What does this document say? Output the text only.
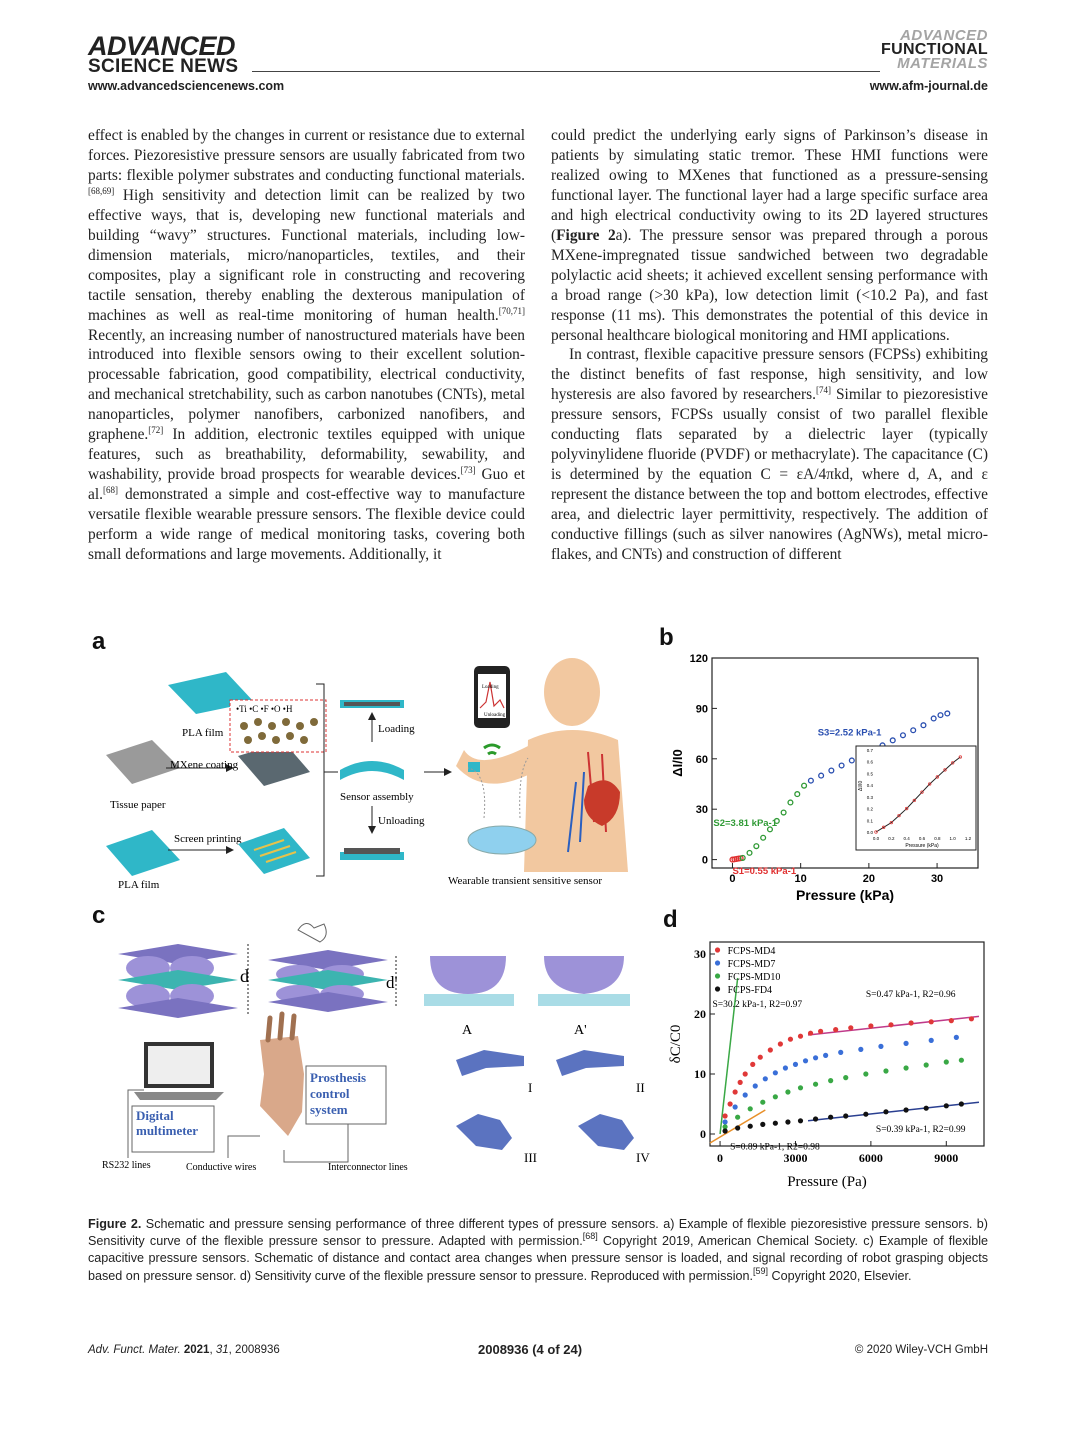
ADVANCED
SCIENCE NEWS
www.advancedsciencenews.com
ADVANCED
FUNCTIONAL
MATERIALS
www.afm-journal.de

effect is enabled by the changes in current or resistance due to external forces. Piezoresistive pressure sensors are usually fabricated from two parts: flexible polymer substrates and conducting functional materials.[68,69] High sensitivity and detection limit can be realized by two effective ways, that is, developing new functional materials and building “wavy” structures. Functional materials, including low-dimension materials, micro/nanoparticles, textiles, and their composites, play a significant role in constructing and recovering tactile sensation, thereby enabling the dexterous manipulation of machines as well as real-time monitoring of human health.[70,71] Recently, an increasing number of nanostructured materials have been introduced into flexible sensors owing to their excellent solution-processable fabrication, good compatibility, electrical conductivity, and mechanical stretchability, such as carbon nanotubes (CNTs), metal nanoparticles, polymer nanofibers, carbonized nanofibers, and graphene.[72] In addition, electronic textiles equipped with unique features, such as breathability, deformability, sewability, and washability, provide broad prospects for wearable devices.[73] Guo et al.[68] demonstrated a simple and cost-effective way to manufacture versatile flexible wearable pressure sensors. The flexible device could perform a wide range of medical monitoring tasks, covering both small deformations and large movements. Additionally, it

could predict the underlying early signs of Parkinson’s disease in patients by simulating static tremor. These HMI functions were realized owing to MXenes that functioned as a pressure-sensing functional layer. The functional layer had a large specific surface area and high electrical conductivity owing to its 2D layered structures (Figure 2a). The pressure sensor was prepared through a porous MXene-impregnated tissue sandwiched between two degradable polylactic acid sheets; it achieved excellent sensing performance with a broad range (>30 kPa), low detection limit (<10.2 Pa), and fast response (11 ms). This demonstrates the potential of this device in personal healthcare biological monitoring and HMI applications.

In contrast, flexible capacitive pressure sensors (FCPSs) exhibiting the distinct benefits of fast response, high sensitivity, and low hysteresis are also favored by researchers.[74] Similar to piezoresistive pressure sensors, FCPSs usually consist of two parallel flexible conducting flats separated by a dielectric layer (typically polyvinylidene fluoride (PVDF) or methacrylate). The capacitance (C) is determined by the equation C = εA/4πkd, where d, A, and ε represent the distance between the top and bottom electrodes, effective area, and dielectric layer permittivity, respectively. The addition of conductive fillings (such as silver nanowires (AgNWs), metal micro-flakes, and CNTs) and construction of different

a	b
c	d
PLA film
Tissue paper
MXene coating
•Ti •C •F •O •H
PLA film
Screen printing
Loading
Sensor assembly
Unloading
Loading
Unloading
Wearable transient sensitive sensor	0	10	20	30
0
30
60
90
120
Pressure (kPa)
ΔI/I0
S3=2.52 kPa-1
S2=3.81 kPa-1
S1=0.55 kPa-1
0.0 0.2 0.4 0.6 0.8 1.0 1.2
0.0
0.1
0.2
0.3
0.4
0.5
0.6
0.7
Pressure (kPa)
ΔI/I0
d	d'
A	A'
Digital multimeter
Prosthesis control system
RS232 lines	Conductive wires	Interconnector lines
I	II
III	IV	0	3000	6000	9000
0
10
20
30
Pressure (Pa)
δC/C0
FCPS-MD4
FCPS-MD7
FCPS-MD10
FCPS-FD4
S=30.2 kPa-1, R2=0.97
S=0.47 kPa-1, R2=0.96
S=0.39 kPa-1, R2=0.99
S=0.89 kPa-1, R2=0.98
Figure 2. Schematic and pressure sensing performance of three different types of pressure sensors. a) Example of flexible piezoresistive pressure sensors. b) Sensitivity curve of the flexible pressure sensor to pressure. Adapted with permission.[68] Copyright 2019, American Chemical Society. c) Example of flexible capacitive pressure sensors. Schematic of distance and contact area changes when pressure sensor is loaded, and signal recording of robot grasping objects based on pressure sensor. d) Sensitivity curve of the flexible pressure sensor to pressure. Reproduced with permission.[59] Copyright 2020, Elsevier.
Adv. Funct. Mater. 2021, 31, 2008936	2008936 (4 of 24)	© 2020 Wiley-VCH GmbH
